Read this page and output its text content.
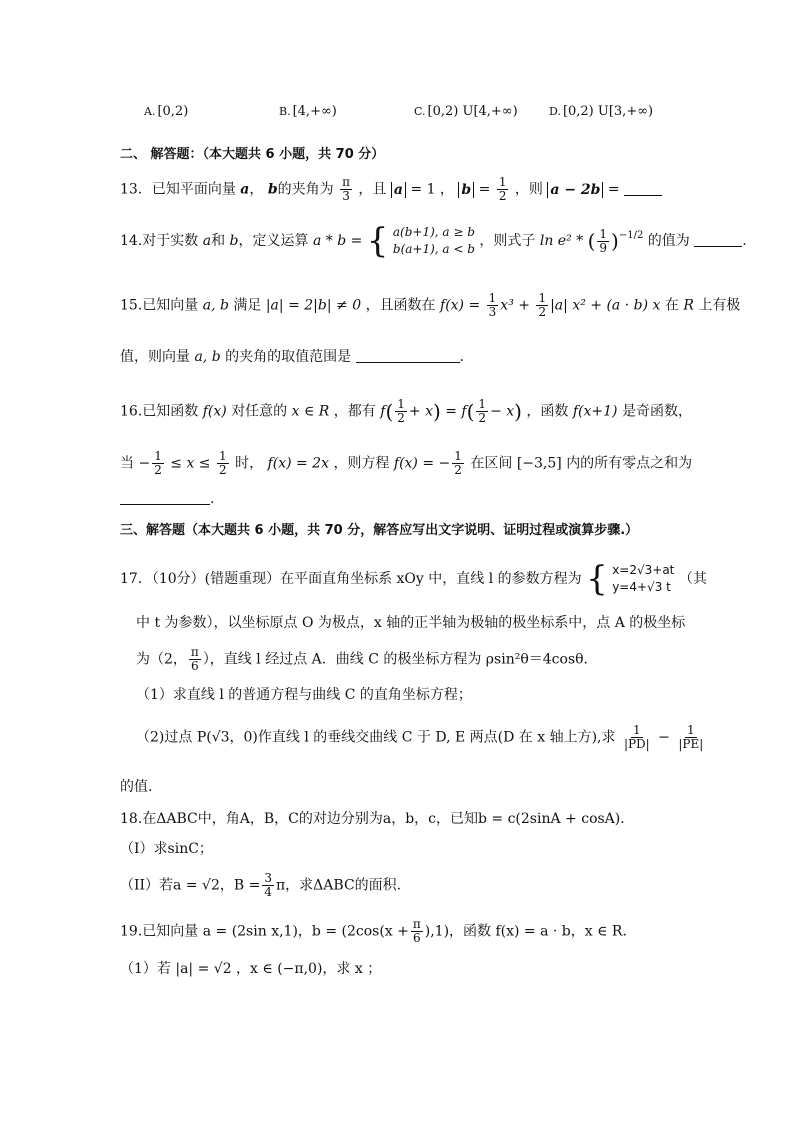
A. [0,2)	B. [4,+∞)	C. [0,2) U[4,+∞)	D. [0,2) U[3,+∞)
二、 解答题：（本大题共 6 小题，共 70 分）
13．已知平面向量 a， b的夹角为 $\frac{\pi}{3}$ ，且 a = 1 ， $b = \frac{1}{2}$ ，则 a − 2b =
14.对于实数 a和 b，定义运算 a * b = { a(b+1), a ≥ b
b(a+1), a < b ，则式子 ln e² * ( $\frac{1}{9} )^{-1/2}$ 的值为	.
15.已知向量 a, b 满足 |a| = 2|b| ≠ 0 ，且函数在 $f(x) = \frac{1}{3} x^3 + \frac{1}{2} |a|$ x² + (a · b) x 在 R 上有极
值，则向量 a, b 的夹角的取值范围是	．
16.已知函数 f(x) 对任意的 x ∈ R ，都有 $f( \frac{1}{2} + x) = f( \frac{1}{2} - x)$ ，函数 f(x+1) 是奇函数，
当 − $\frac{1}{2} \le x \le \frac{1}{2}$ 时， f(x) = 2x ，则方程 f(x) = − $\frac{1}{2}$ 在区间 [−3,5] 内的所有零点之和为
.
三、解答题（本大题共 6 小题，共 70 分，解答应写出文字说明、证明过程或演算步骤.）
17．（10分）(错题重现）在平面直角坐标系 xOy 中，直线 l 的参数方程为 { x=2√3+at
y=4+√3 t （其
中 t 为参数），以坐标原点 O 为极点，x 轴的正半轴为极轴的极坐标系中，点 A 的极坐标
为（2， $\frac{\pi}{6}$ ），直线 l 经过点 A．曲线 C 的极坐标方程为 ρsin²θ＝4cosθ．
（1）求直线 l 的普通方程与曲线 C 的直角坐标方程；
（2)过点 P(√3，0)作直线 l 的垂线交曲线 C 于 D, E 两点(D 在 x 轴上方),求 $\frac{1}{|PD|} - \frac{1}{|PE|}$
的值.
18.在ΔABC中，角A，B，C的对边分别为a，b，c，已知b = c(2sinA + cosA).
（I）求sinC；
（II）若a = √2，$B = \frac{3}{4}$ π，求ΔABC的面积.
19.已知向量 a = (2sin x,1)，$b = (2\cos(x + \frac{\pi}{6} ),1)$，函数 f(x) = a · b，x ∈ R．
（1）若 |a| = √2 ，x ∈ (−π,0)，求 x ；
